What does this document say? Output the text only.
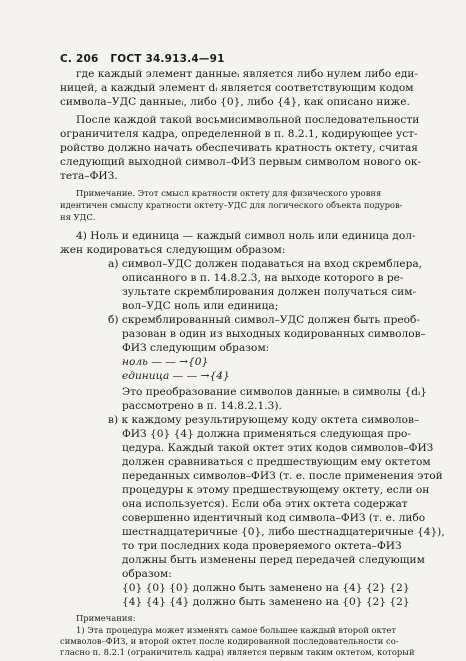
С. 206 ГОСТ 34.913.4—91
где каждый элемент данныеᵢ является либо нулем либо еди-
ницей, а каждый элемент dᵢ является соответствующим кодом
символа–УДС данныеᵢ, либо {0}, либо {4}, как описано ниже.
После каждой такой восьмисимвольной последовательности
ограничителя кадра, определенной в п. 8.2.1, кодирующее уст-
ройство должно начать обеспечивать кратность октету, считая
следующий выходной символ–ФИЗ первым символом нового ок-
тета–ФИЗ.
Примечание. Этот смысл кратности октету для физического уровня
идентичен смыслу кратности октету–УДС для логического объекта подуров-
ня УДС.
4) Ноль и единица — каждый символ ноль или единица дол-
жен кодироваться следующим образом:
а) символ–УДС должен подаваться на вход скремблера,
описанного в п. 14.8.2.3, на выходе которого в ре-
зультате скремблирования должен получаться сим-
вол–УДС ноль или единица;
б) скремблированный символ–УДС должен быть преоб-
разован в один из выходных кодированных символов–
ФИЗ следующим образом:
ноль — — →{0}
единица — — →{4}
Это преобразование символов данныеᵢ в символы {dᵢ}
рассмотрено в п. 14.8.2.1.3).
в) к каждому результирующему коду октета символов–
ФИЗ {0} {4} должна применяться следующая про-
цедура. Каждый такой октет этих кодов символов–ФИЗ
должен сравниваться с предшествующим ему октетом
переданных символов–ФИЗ (т. е. после применения этой
процедуры к этому предшествующему октету, если он
она используется). Если оба этих октета содержат
совершенно идентичный код символа–ФИЗ (т. е. либо
шестнадцатеричные {0}, либо шестнадцатеричные {4}),
то три последних кода проверяемого октета–ФИЗ
должны быть изменены перед передачей следующим
образом:
{0} {0} {0} должно быть заменено на {4} {2} {2}
{4} {4} {4} должно быть заменено на {0} {2} {2}
Примечания:
1) Эта процедура может изменять самое большее каждый второй октет
символов–ФИЗ, и второй октет после кодированной последовательности со-
гласно п. 8.2.1 (ограничитель кадра) является первым таким октетом, который
